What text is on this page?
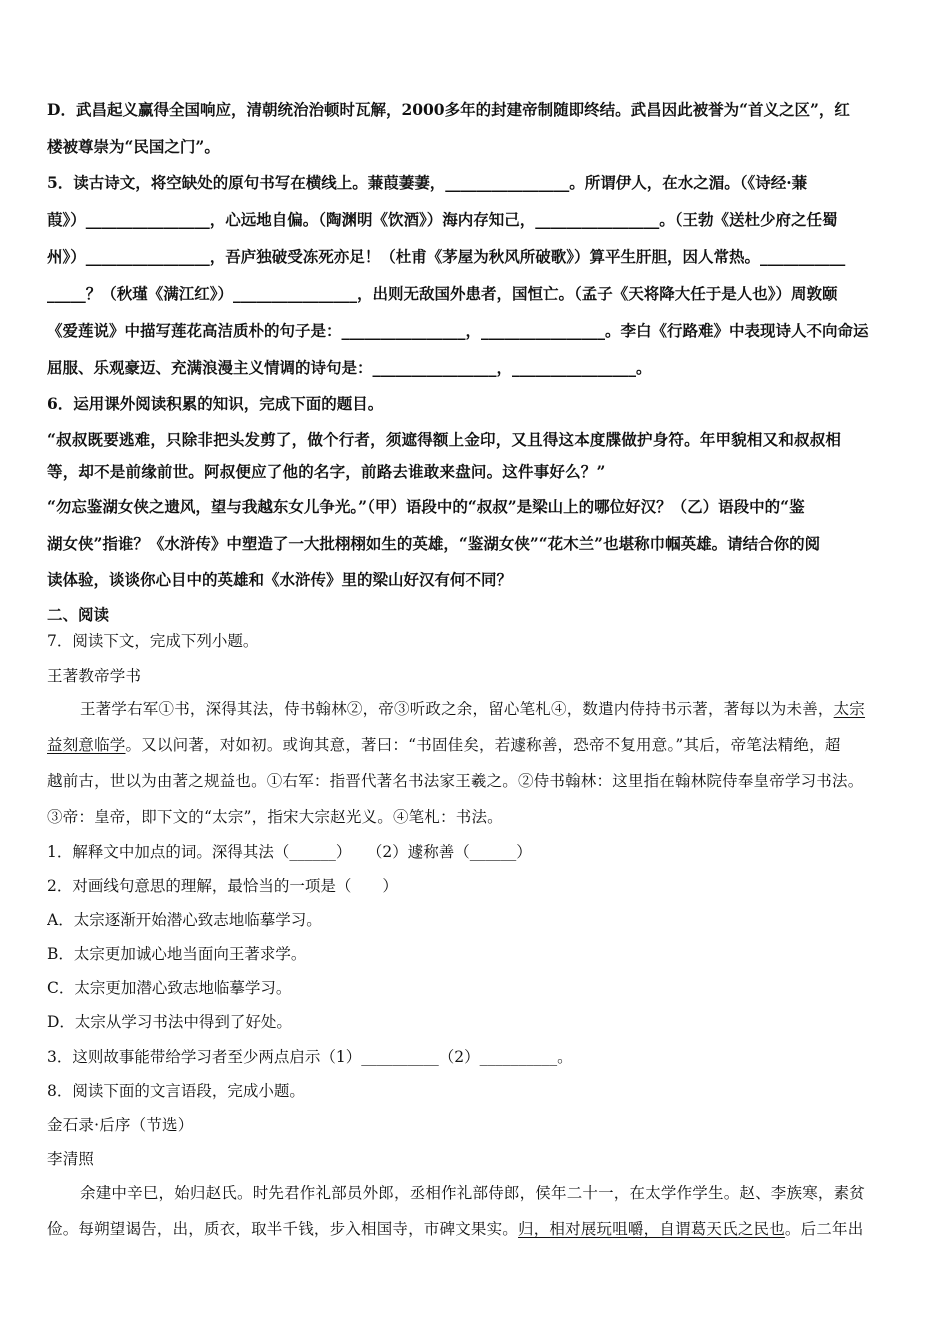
D．武昌起义赢得全国响应，清朝统治治顿时瓦解，2000多年的封建帝制随即终结。武昌因此被誉为“首义之区”，红
楼被尊崇为“民国之门”。
5．读古诗文，将空缺处的原句书写在横线上。蒹葭萋萋，________________。所谓伊人，在水之湄。（《诗经·蒹
葭》）________________，心远地自偏。（陶渊明《饮酒》）海内存知己，________________。（王勃《送杜少府之任蜀
州》）________________，吾庐独破受冻死亦足！（杜甫《茅屋为秋风所破歌》）算平生肝胆，因人常热。___________
_____？（秋瑾《满江红》）________________，出则无敌国外患者，国恒亡。（孟子《天将降大任于是人也》）周敦颐
《爱莲说》中描写莲花高洁质朴的句子是：________________，________________。李白《行路难》中表现诗人不向命运
屈服、乐观豪迈、充满浪漫主义情调的诗句是：________________，________________。
6．运用课外阅读积累的知识，完成下面的题目。
“叔叔既要逃难，只除非把头发剪了，做个行者，须遮得额上金印，又且得这本度牒做护身符。年甲貌相又和叔叔相
等，却不是前缘前世。阿叔便应了他的名字，前路去谁敢来盘问。这件事好么？”
“勿忘鉴湖女侠之遗风，望与我越东女儿争光。”（甲）语段中的“叔叔”是梁山上的哪位好汉？（乙）语段中的“鉴
湖女侠”指谁？《水浒传》中塑造了一大批栩栩如生的英雄，“鉴湖女侠”“花木兰”也堪称巾帼英雄。请结合你的阅
读体验，谈谈你心目中的英雄和《水浒传》里的梁山好汉有何不同？
二、阅读
7．阅读下文，完成下列小题。
王著教帝学书
王著学右军①书，深得其法，侍书翰林②，帝③听政之余，留心笔札④，数遣内侍持书示著，著每以为未善，太宗
益刻意临学。又以问著，对如初。或询其意，著曰：“书固佳矣，若遽称善，恐帝不复用意。”其后，帝笔法精绝，超
越前古，世以为由著之规益也。①右军：指晋代著名书法家王羲之。②侍书翰林：这里指在翰林院侍奉皇帝学习书法。
③帝：皇帝，即下文的“太宗”，指宋大宗赵光义。④笔札：书法。
1．解释文中加点的词。深得其法（______）　　（2）遽称善（______）
2．对画线句意思的理解，最恰当的一项是（　　）
A．太宗逐渐开始潜心致志地临摹学习。
B．太宗更加诚心地当面向王著求学。
C．太宗更加潜心致志地临摹学习。
D．太宗从学习书法中得到了好处。
3．这则故事能带给学习者至少两点启示（1）__________（2）__________。
8．阅读下面的文言语段，完成小题。
金石录·后序（节选）
李清照
余建中辛巳，始归赵氏。时先君作礼部员外郎，丞相作礼部侍郎，侯年二十一，在太学作学生。赵、李族寒，素贫
俭。每朔望谒告，出，质衣，取半千钱，步入相国寺，市碑文果实。归，相对展玩咀嚼，自谓葛天氏之民也。后二年出
